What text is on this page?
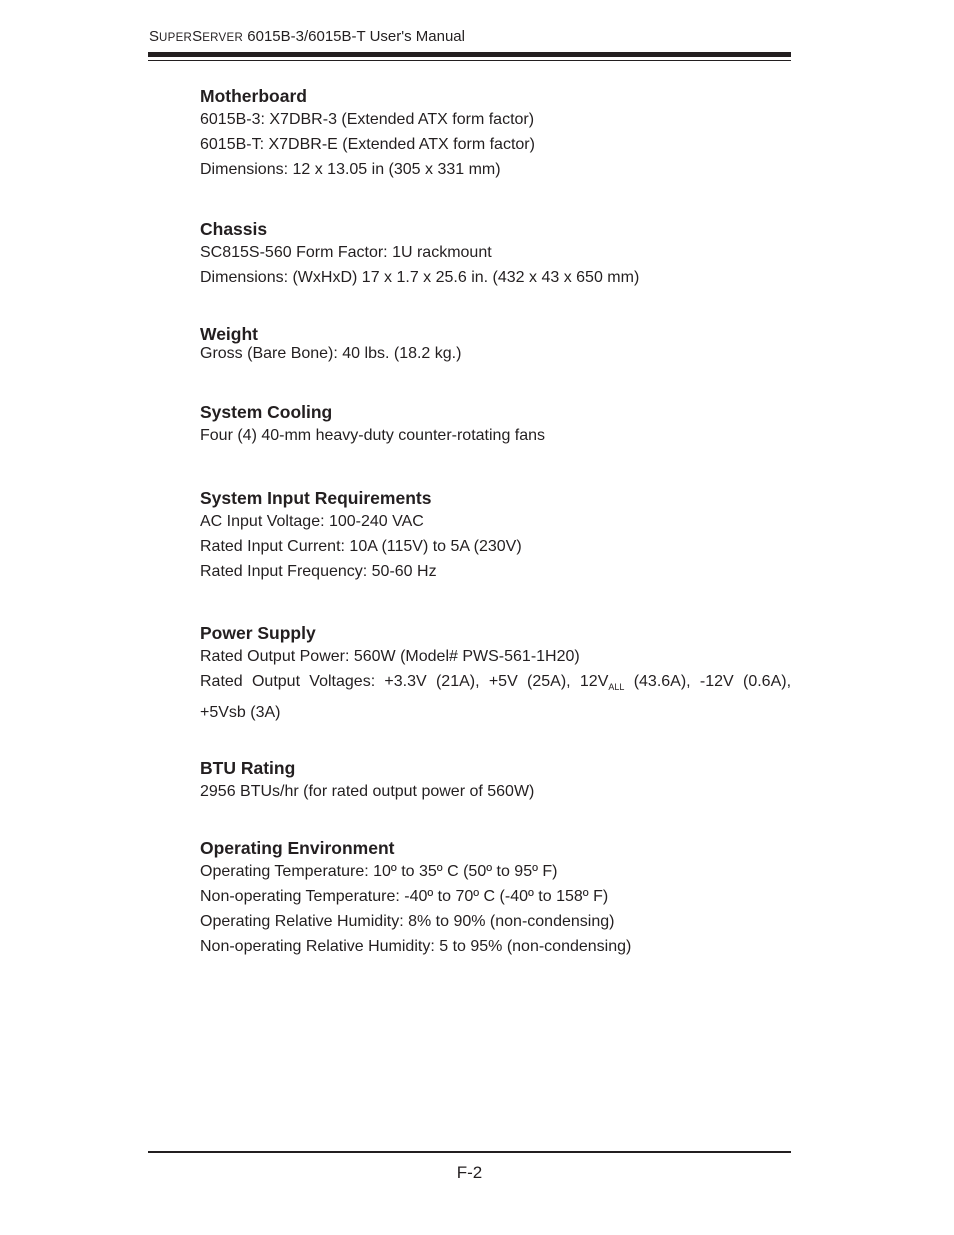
SUPERSERVER 6015B-3/6015B-T User's Manual
Motherboard
6015B-3: X7DBR-3 (Extended ATX form factor)
6015B-T: X7DBR-E (Extended ATX form factor)
Dimensions: 12 x 13.05 in (305 x 331 mm)
Chassis
SC815S-560 Form Factor: 1U rackmount
Dimensions: (WxHxD) 17 x 1.7 x 25.6 in. (432 x 43 x 650 mm)
Weight
Gross (Bare Bone): 40 lbs. (18.2 kg.)
System Cooling
Four (4) 40-mm heavy-duty counter-rotating fans
System Input Requirements
AC Input Voltage: 100-240 VAC
Rated Input Current: 10A (115V) to 5A (230V)
Rated Input Frequency: 50-60 Hz
Power Supply
Rated Output Power: 560W (Model# PWS-561-1H20)
Rated Output Voltages: +3.3V (21A), +5V (25A), $12V_{ALL}$ (43.6A), -12V (0.6A), +5Vsb (3A)
BTU Rating
2956 BTUs/hr (for rated output power of 560W)
Operating Environment
Operating Temperature: 10º to 35º C (50º to 95º F)
Non-operating Temperature: -40º to 70º C (-40º to 158º F)
Operating Relative Humidity: 8% to 90% (non-condensing)
Non-operating Relative Humidity: 5 to 95% (non-condensing)
F-2
